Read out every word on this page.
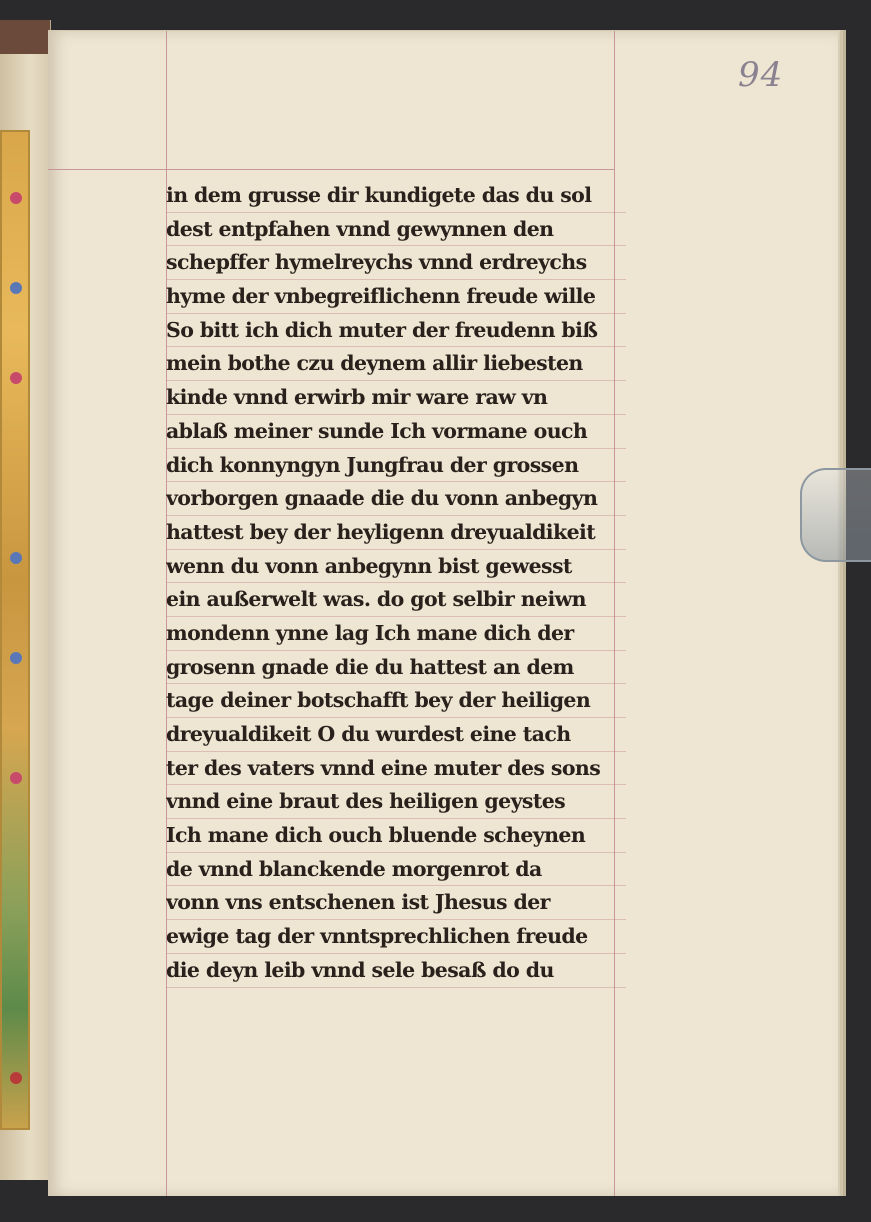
94
in dem grusse dir kundigete das du sol
dest entpfahen vnnd gewynnen den
schepffer hymelreychs vnnd erdreychs
hyme der vnbegreiflichenn freude wille
So bitt ich dich muter der freudenn biß
mein bothe czu deynem allir liebesten
kinde vnnd erwirb mir ware raw vn
ablaß meiner sunde Ich vormane ouch
dich konnyngyn Jungfrau der grossen
vorborgen gnaade die du vonn anbegyn
hattest bey der heyligenn dreyualdikeit
wenn du vonn anbegynn bist gewesst
ein außerwelt was. do got selbir neiwn
mondenn ynne lag Ich mane dich der
grosenn gnade die du hattest an dem
tage deiner botschafft bey der heiligen
dreyualdikeit O du wurdest eine tach
ter des vaters vnnd eine muter des sons
vnnd eine braut des heiligen geystes
Ich mane dich ouch bluende scheynen
de vnnd blanckende morgenrot da
vonn vns entschenen ist Jhesus der
ewige tag der vnntsprechlichen freude
die deyn leib vnnd sele besaß do du
